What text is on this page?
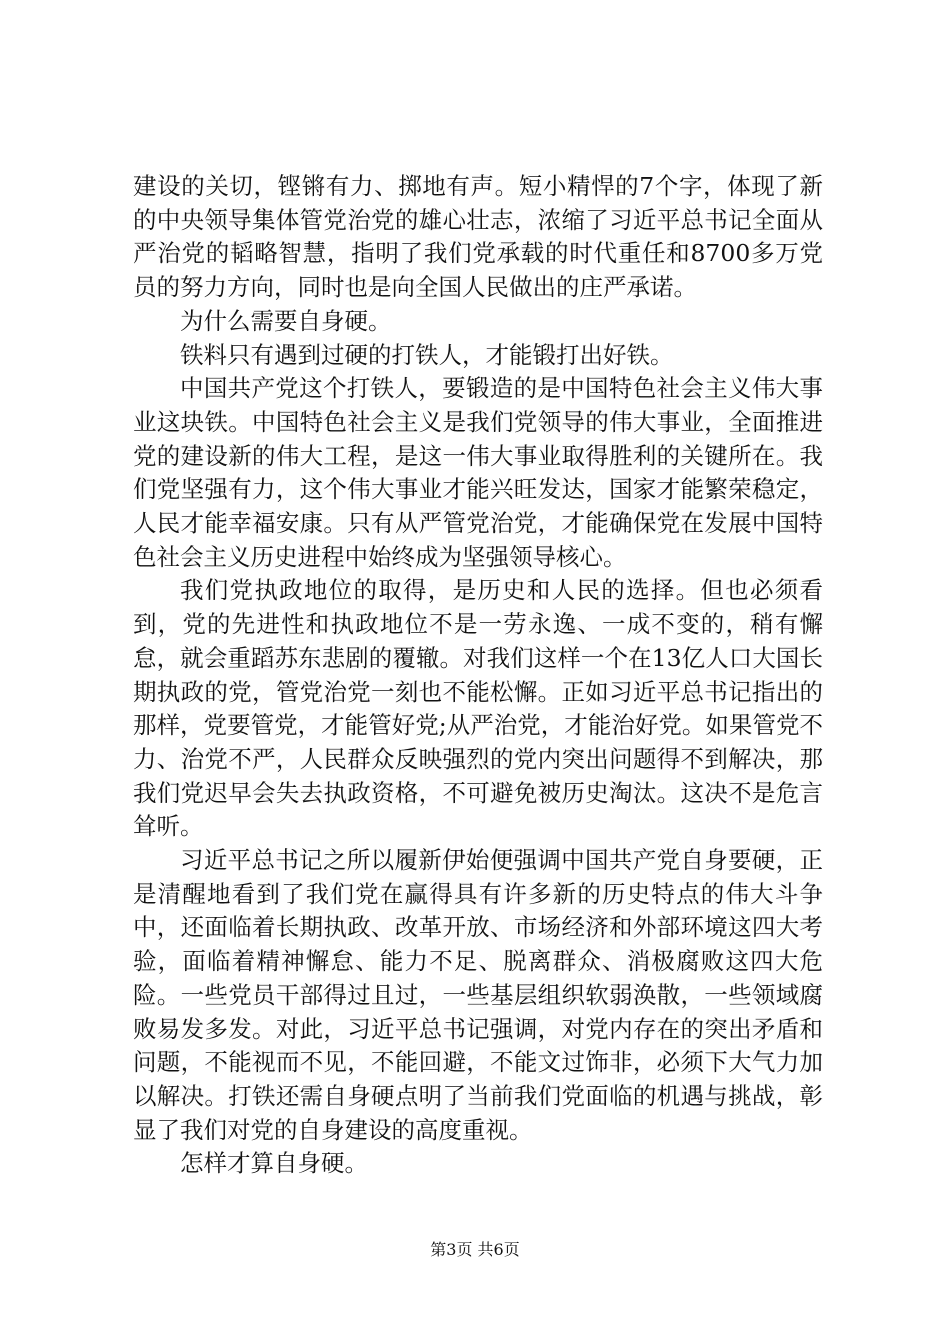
建设的关切，铿锵有力、掷地有声。短小精悍的7个字，体现了新的中央领导集体管党治党的雄心壮志，浓缩了习近平总书记全面从严治党的韬略智慧，指明了我们党承载的时代重任和8700多万党员的努力方向，同时也是向全国人民做出的庄严承诺。

为什么需要自身硬。

铁料只有遇到过硬的打铁人，才能锻打出好铁。

中国共产党这个打铁人，要锻造的是中国特色社会主义伟大事业这块铁。中国特色社会主义是我们党领导的伟大事业，全面推进党的建设新的伟大工程，是这一伟大事业取得胜利的关键所在。我们党坚强有力，这个伟大事业才能兴旺发达，国家才能繁荣稳定，人民才能幸福安康。只有从严管党治党，才能确保党在发展中国特色社会主义历史进程中始终成为坚强领导核心。

我们党执政地位的取得，是历史和人民的选择。但也必须看到，党的先进性和执政地位不是一劳永逸、一成不变的，稍有懈怠，就会重蹈苏东悲剧的覆辙。对我们这样一个在13亿人口大国长期执政的党，管党治党一刻也不能松懈。正如习近平总书记指出的那样，党要管党，才能管好党;从严治党，才能治好党。如果管党不力、治党不严，人民群众反映强烈的党内突出问题得不到解决，那我们党迟早会失去执政资格，不可避免被历史淘汰。这决不是危言耸听。

习近平总书记之所以履新伊始便强调中国共产党自身要硬，正是清醒地看到了我们党在赢得具有许多新的历史特点的伟大斗争中，还面临着长期执政、改革开放、市场经济和外部环境这四大考验，面临着精神懈怠、能力不足、脱离群众、消极腐败这四大危险。一些党员干部得过且过，一些基层组织软弱涣散，一些领域腐败易发多发。对此，习近平总书记强调，对党内存在的突出矛盾和问题，不能视而不见，不能回避，不能文过饰非，必须下大气力加以解决。打铁还需自身硬点明了当前我们党面临的机遇与挑战，彰显了我们对党的自身建设的高度重视。

怎样才算自身硬。

第3页 共6页
